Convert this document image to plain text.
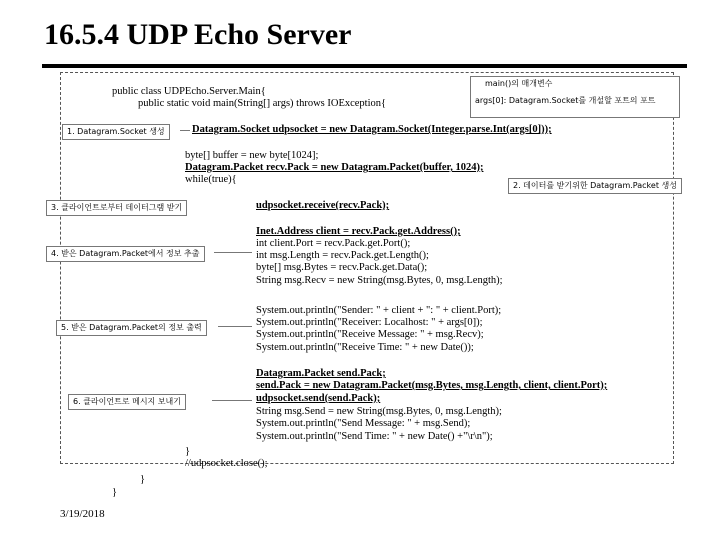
16.5.4 UDP Echo Server
main()의 매개변수
args[0]: Datagram.Socket를 개설할 포트의 포트
public class UDPEcho.Server.Main{
public static void main(String[] args) throws IOException{
1. Datagram.Socket 생성	Datagram.Socket udpsocket = new Datagram.Socket(Integer.parse.Int(args[0]));
byte[] buffer = new byte[1024];
Datagram.Packet recv.Pack = new Datagram.Packet(buffer, 1024);
while(true){
2. 데이터를 받기위한 Datagram.Packet 생성
3. 클라이언트로부터 데이터그램 받기	udpsocket.receive(recv.Pack);
4. 받은 Datagram.Packet에서 정보 추출
Inet.Address client = recv.Pack.get.Address();
int client.Port = recv.Pack.get.Port();
int msg.Length = recv.Pack.get.Length();
byte[] msg.Bytes = recv.Pack.get.Data();
String msg.Recv = new String(msg.Bytes, 0, msg.Length);
5. 받은 Datagram.Packet의 정보 출력
System.out.println("Sender: " + client + ": " + client.Port);
System.out.println("Receiver: Localhost: " + args[0]);
System.out.println("Receive Message: " + msg.Recv);
System.out.println("Receive Time: " + new Date());
6. 클라이언트로 메시지 보내기
Datagram.Packet send.Pack;
send.Pack = new Datagram.Packet(msg.Bytes, msg.Length, client, client.Port);
udpsocket.send(send.Pack);
String msg.Send = new String(msg.Bytes, 0, msg.Length);
System.out.println("Send Message: " + msg.Send);
System.out.println("Send Time: " + new Date() +"\r\n");
}
//udpsocket.close();
}
}
3/19/2018
